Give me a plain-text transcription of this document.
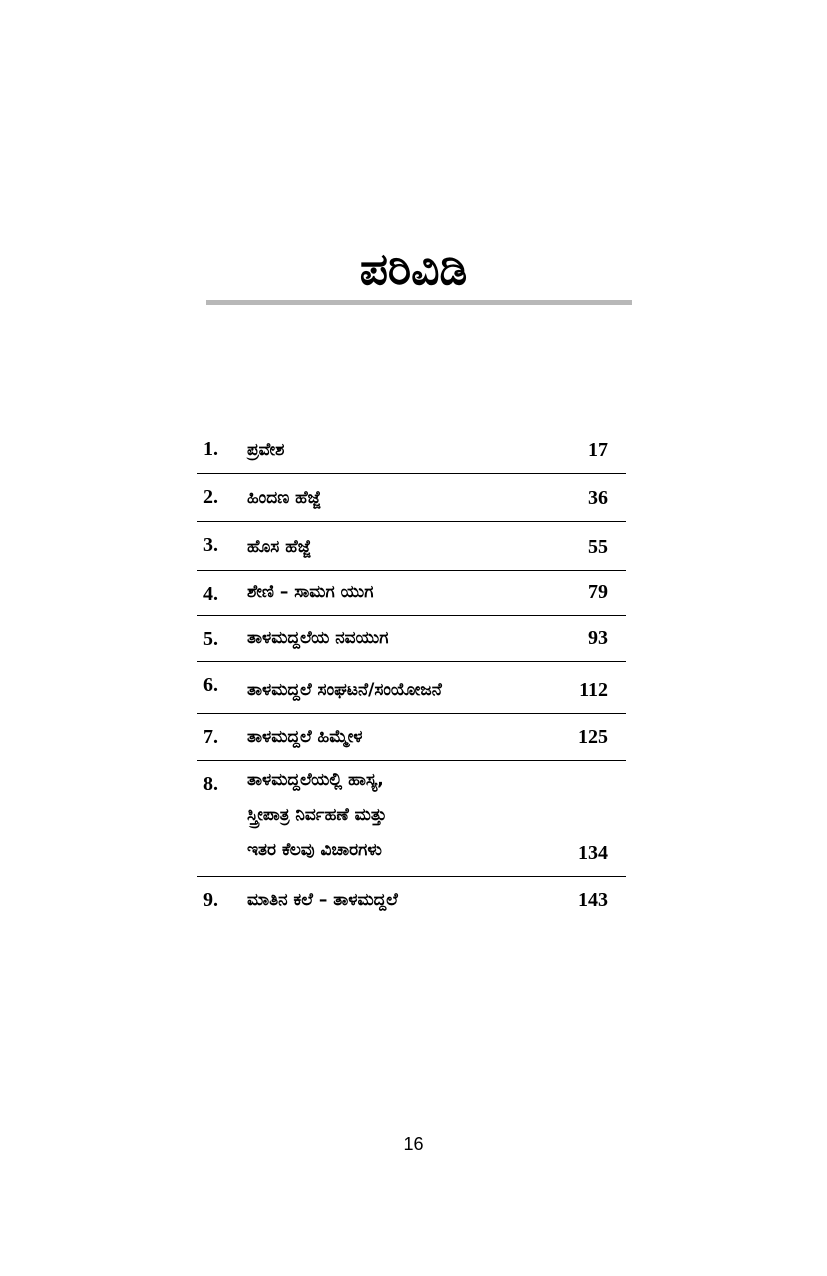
ಪರಿವಿಡಿ
1.	ಪ್ರವೇಶ	17
2.	ಹಿಂದಣ ಹೆಜ್ಜೆ	36
3.	ಹೊಸ ಹೆಜ್ಜೆ	55
4.	ಶೇಣಿ – ಸಾಮಗ ಯುಗ	79
5.	ತಾಳಮದ್ದಲೆಯ ನವಯುಗ	93
6.	ತಾಳಮದ್ದಲೆ ಸಂಘಟನೆ/ಸಂಯೋಜನೆ	112
7.	ತಾಳಮದ್ದಲೆ ಹಿಮ್ಮೇಳ	125
8.	ತಾಳಮದ್ದಲೆಯಲ್ಲಿ ಹಾಸ್ಯ,
ಸ್ತ್ರೀಪಾತ್ರ ನಿರ್ವಹಣೆ ಮತ್ತು
ಇತರ ಕೆಲವು ವಿಚಾರಗಳು	134
9.	ಮಾತಿನ ಕಲೆ – ತಾಳಮದ್ದಲೆ	143
16
